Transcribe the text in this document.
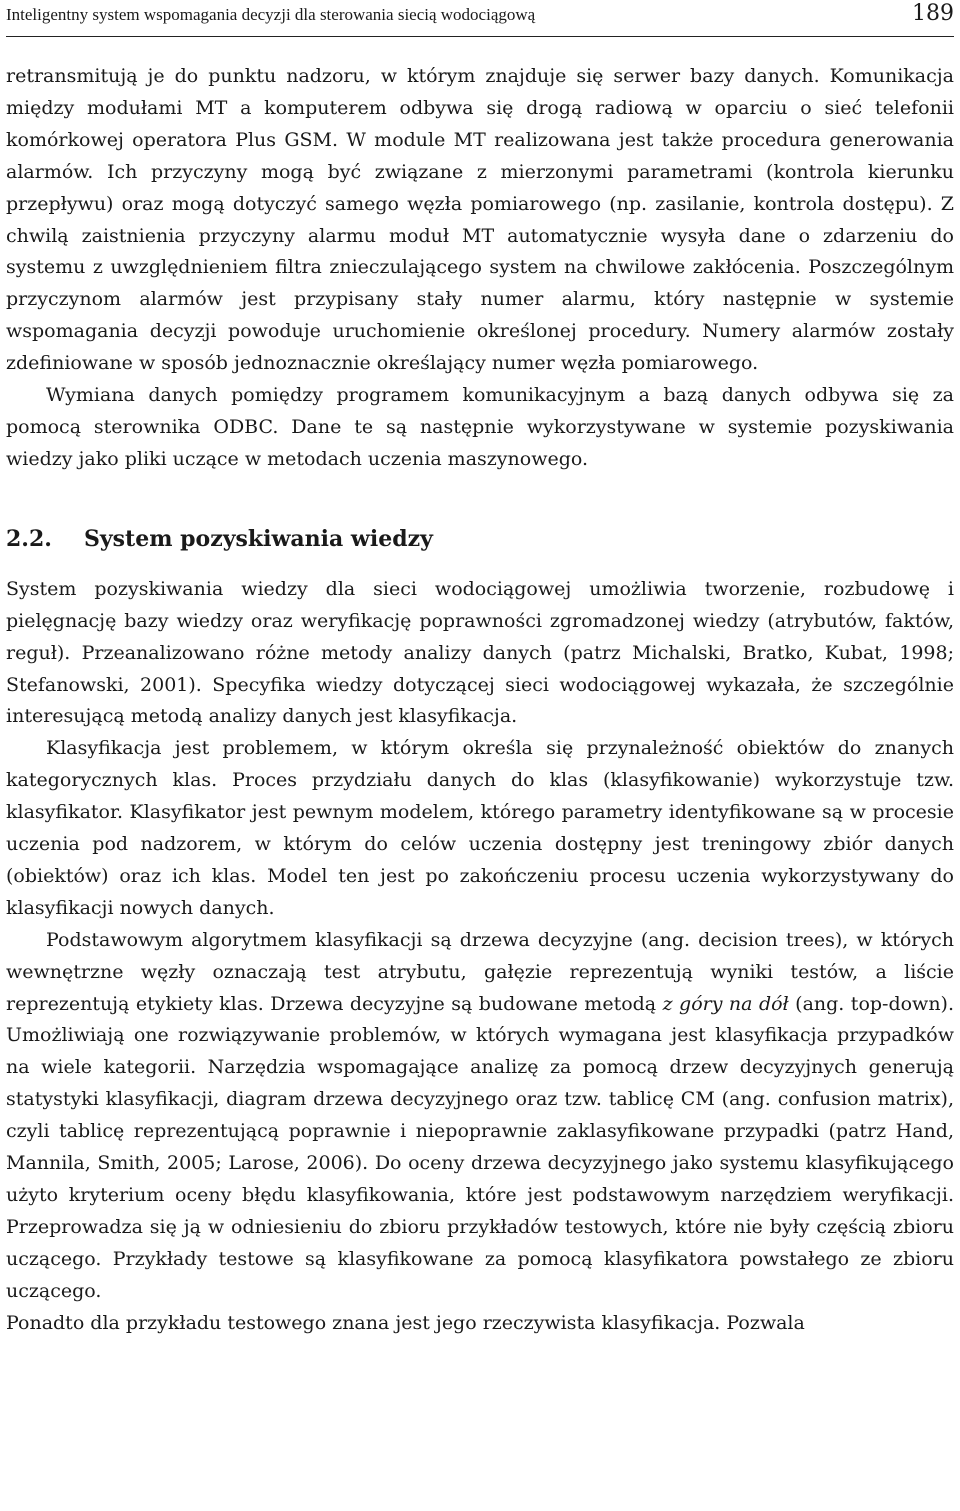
Inteligentny system wspomagania decyzji dla sterowania siecią wodociągową	189

retransmitują je do punktu nadzoru, w którym znajduje się serwer bazy danych. Komunikacja między modułami MT a komputerem odbywa się drogą radiową w oparciu o sieć telefonii komórkowej operatora Plus GSM. W module MT realizowana jest także procedura generowania alarmów. Ich przyczyny mogą być związane z mierzonymi parametrami (kontrola kierunku przepływu) oraz mogą dotyczyć samego węzła pomiarowego (np. zasilanie, kontrola dostępu). Z chwilą zaistnienia przyczyny alarmu moduł MT automatycznie wysyła dane o zdarzeniu do systemu z uwzględnieniem filtra znieczulającego system na chwilowe zakłócenia. Poszczególnym przyczynom alarmów jest przypisany stały numer alarmu, który następnie w systemie wspomagania decyzji powoduje uruchomienie określonej procedury. Numery alarmów zostały zdefiniowane w sposób jednoznacznie określający numer węzła pomiarowego.

Wymiana danych pomiędzy programem komunikacyjnym a bazą danych odbywa się za pomocą sterownika ODBC. Dane te są następnie wykorzystywane w systemie pozyskiwania wiedzy jako pliki uczące w metodach uczenia maszynowego.

2.2. System pozyskiwania wiedzy

System pozyskiwania wiedzy dla sieci wodociągowej umożliwia tworzenie, rozbudowę i pielęgnację bazy wiedzy oraz weryfikację poprawności zgromadzonej wiedzy (atrybutów, faktów, reguł). Przeanalizowano różne metody analizy danych (patrz Michalski, Bratko, Kubat, 1998; Stefanowski, 2001). Specyfika wiedzy dotyczącej sieci wodociągowej wykazała, że szczególnie interesującą metodą analizy danych jest klasyfikacja.

Klasyfikacja jest problemem, w którym określa się przynależność obiektów do znanych kategorycznych klas. Proces przydziału danych do klas (klasyfikowanie) wykorzystuje tzw. klasyfikator. Klasyfikator jest pewnym modelem, którego parametry identyfikowane są w procesie uczenia pod nadzorem, w którym do celów uczenia dostępny jest treningowy zbiór danych (obiektów) oraz ich klas. Model ten jest po zakończeniu procesu uczenia wykorzystywany do klasyfikacji nowych danych.

Podstawowym algorytmem klasyfikacji są drzewa decyzyjne (ang. decision trees), w których wewnętrzne węzły oznaczają test atrybutu, gałęzie reprezentują wyniki testów, a liście reprezentują etykiety klas. Drzewa decyzyjne są budowane metodą z góry na dół (ang. top-down). Umożliwiają one rozwiązywanie problemów, w których wymagana jest klasyfikacja przypadków na wiele kategorii. Narzędzia wspomagające analizę za pomocą drzew decyzyjnych generują statystyki klasyfikacji, diagram drzewa decyzyjnego oraz tzw. tablicę CM (ang. confusion matrix), czyli tablicę reprezentującą poprawnie i niepoprawnie zaklasyfikowane przypadki (patrz Hand, Mannila, Smith, 2005; Larose, 2006). Do oceny drzewa decyzyjnego jako systemu klasyfikującego użyto kryterium oceny błędu klasyfikowania, które jest podstawowym narzędziem weryfikacji. Przeprowadza się ją w odniesieniu do zbioru przykładów testowych, które nie były częścią zbioru uczącego. Przykłady testowe są klasyfikowane za pomocą klasyfikatora powstałego ze zbioru uczącego.

Ponadto dla przykładu testowego znana jest jego rzeczywista klasyfikacja. Pozwala
